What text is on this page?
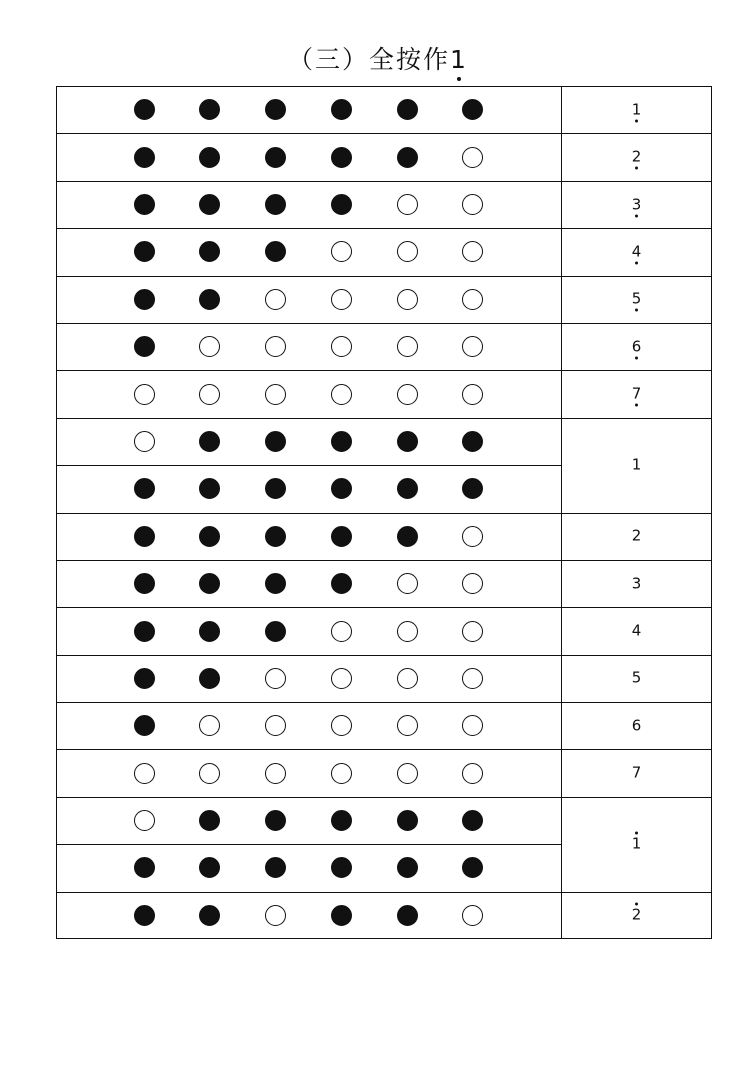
（三）全按作1
1
2
3
4
5
6
7
1
2
3
4
5
6
7
1
2
